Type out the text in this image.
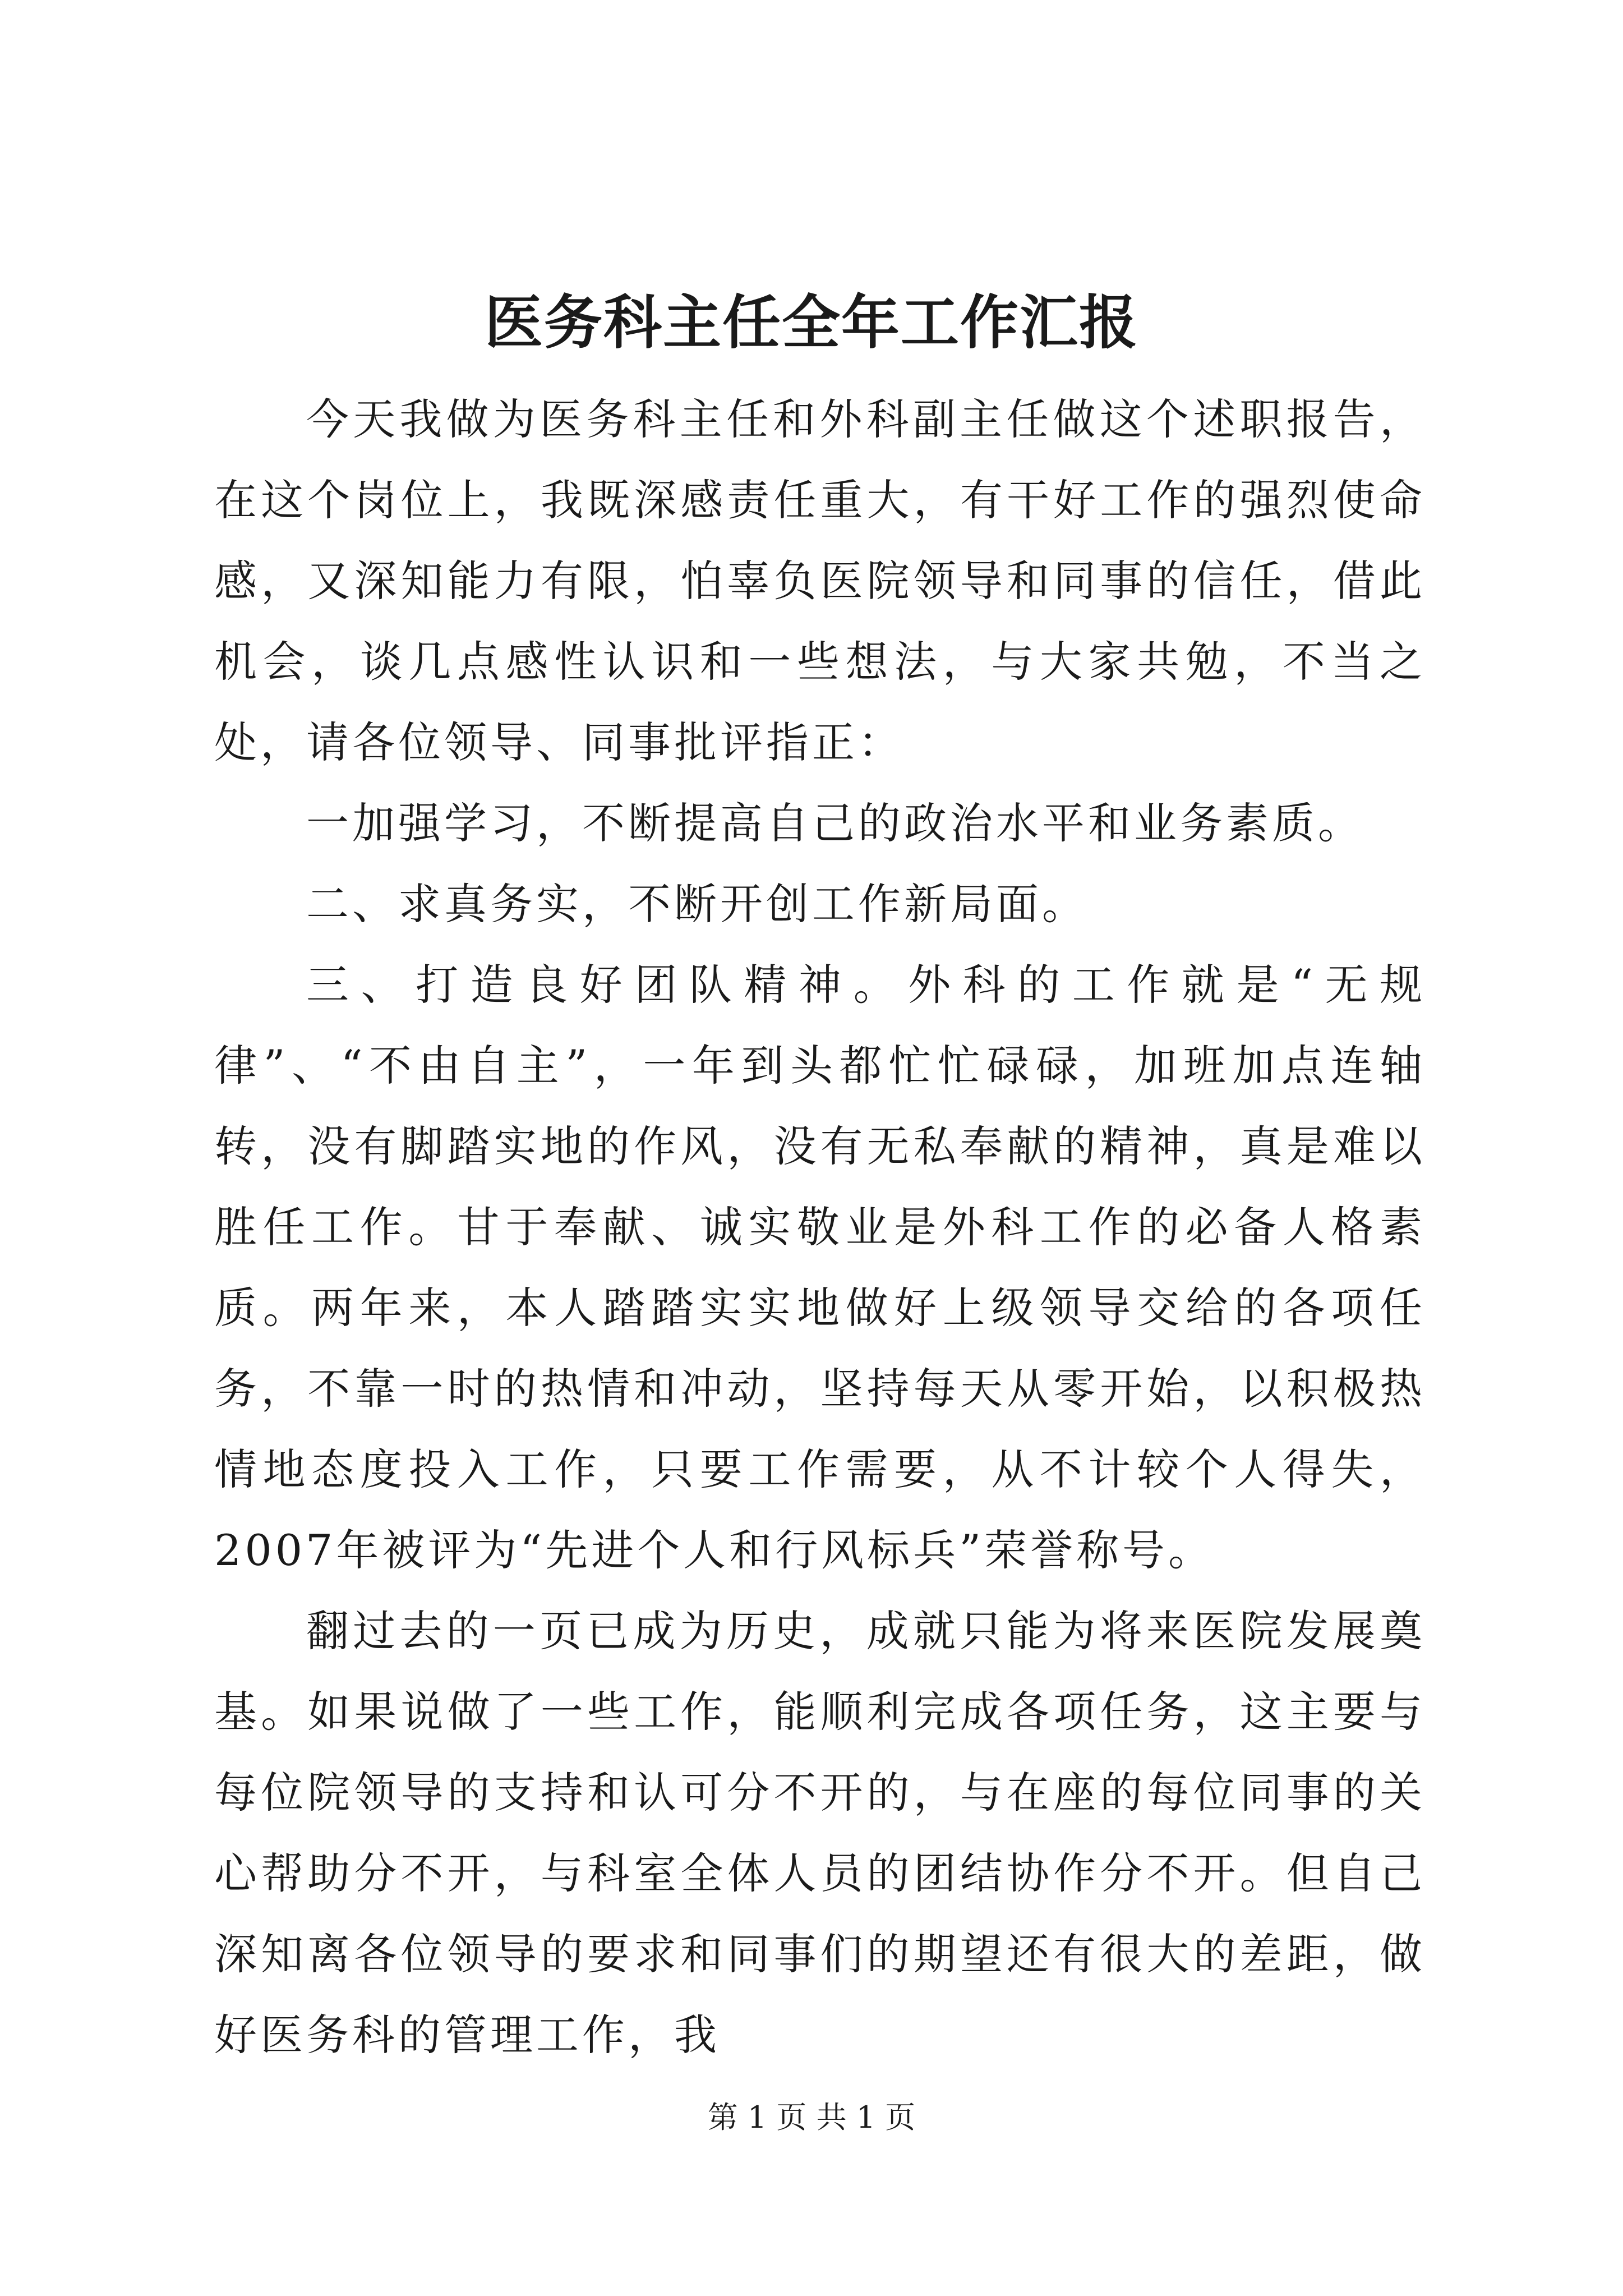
医务科主任全年工作汇报

今天我做为医务科主任和外科副主任做这个述职报告，在这个岗位上，我既深感责任重大，有干好工作的强烈使命感，又深知能力有限，怕辜负医院领导和同事的信任，借此机会，谈几点感性认识和一些想法，与大家共勉，不当之处，请各位领导、同事批评指正：

一加强学习，不断提高自己的政治水平和业务素质。

二、求真务实，不断开创工作新局面。

三、打造良好团队精神。外科的工作就是“无规律”、“不由自主”，一年到头都忙忙碌碌，加班加点连轴转，没有脚踏实地的作风，没有无私奉献的精神，真是难以胜任工作。甘于奉献、诚实敬业是外科工作的必备人格素质。两年来，本人踏踏实实地做好上级领导交给的各项任务，不靠一时的热情和冲动，坚持每天从零开始，以积极热情地态度投入工作，只要工作需要，从不计较个人得失，2007年被评为“先进个人和行风标兵”荣誉称号。

翻过去的一页已成为历史，成就只能为将来医院发展奠基。如果说做了一些工作，能顺利完成各项任务，这主要与每位院领导的支持和认可分不开的，与在座的每位同事的关心帮助分不开，与科室全体人员的团结协作分不开。但自己深知离各位领导的要求和同事们的期望还有很大的差距，做好医务科的管理工作，我

第 1 页 共 1 页
